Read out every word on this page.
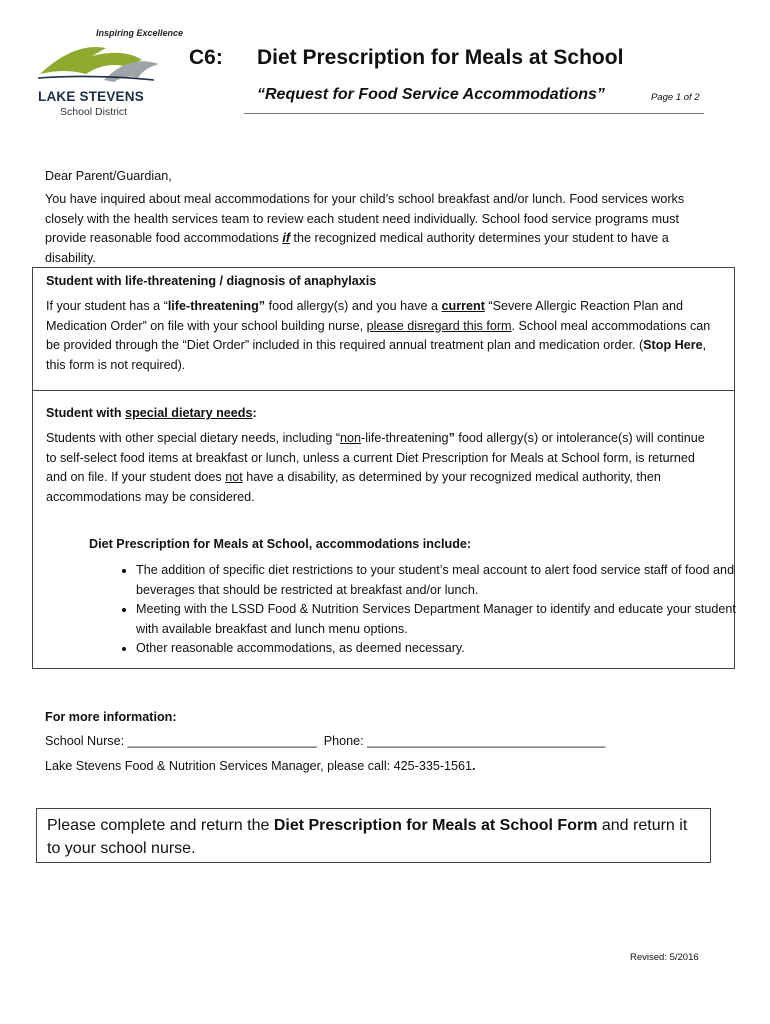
Inspiring Excellence
LAKE STEVENS
School District
C6: Diet Prescription for Meals at School
“Request for Food Service Accommodations”	Page 1 of 2
Dear Parent/Guardian,
You have inquired about meal accommodations for your child’s school breakfast and/or lunch. Food services works closely with the health services team to review each student need individually. School food service programs must provide reasonable food accommodations if the recognized medical authority determines your student to have a disability.
Student with life-threatening / diagnosis of anaphylaxis
If your student has a “life-threatening” food allergy(s) and you have a current “Severe Allergic Reaction Plan and Medication Order” on file with your school building nurse, please disregard this form. School meal accommodations can be provided through the “Diet Order” included in this required annual treatment plan and medication order. (Stop Here, this form is not required).
Student with special dietary needs:
Students with other special dietary needs, including “non-life-threatening” food allergy(s) or intolerance(s) will continue to self-select food items at breakfast or lunch, unless a current Diet Prescription for Meals at School form, is returned and on file. If your student does not have a disability, as determined by your recognized medical authority, then accommodations may be considered.
Diet Prescription for Meals at School, accommodations include:
• The addition of specific diet restrictions to your student’s meal account to alert food service staff of food and beverages that should be restricted at breakfast and/or lunch.
• Meeting with the LSSD Food & Nutrition Services Department Manager to identify and educate your student with available breakfast and lunch menu options.
• Other reasonable accommodations, as deemed necessary.
For more information:
School Nurse: ___________________________  Phone: __________________________________
Lake Stevens Food & Nutrition Services Manager, please call: 425-335-1561.
Please complete and return the Diet Prescription for Meals at School Form and return it to your school nurse.
Revised: 5/2016
